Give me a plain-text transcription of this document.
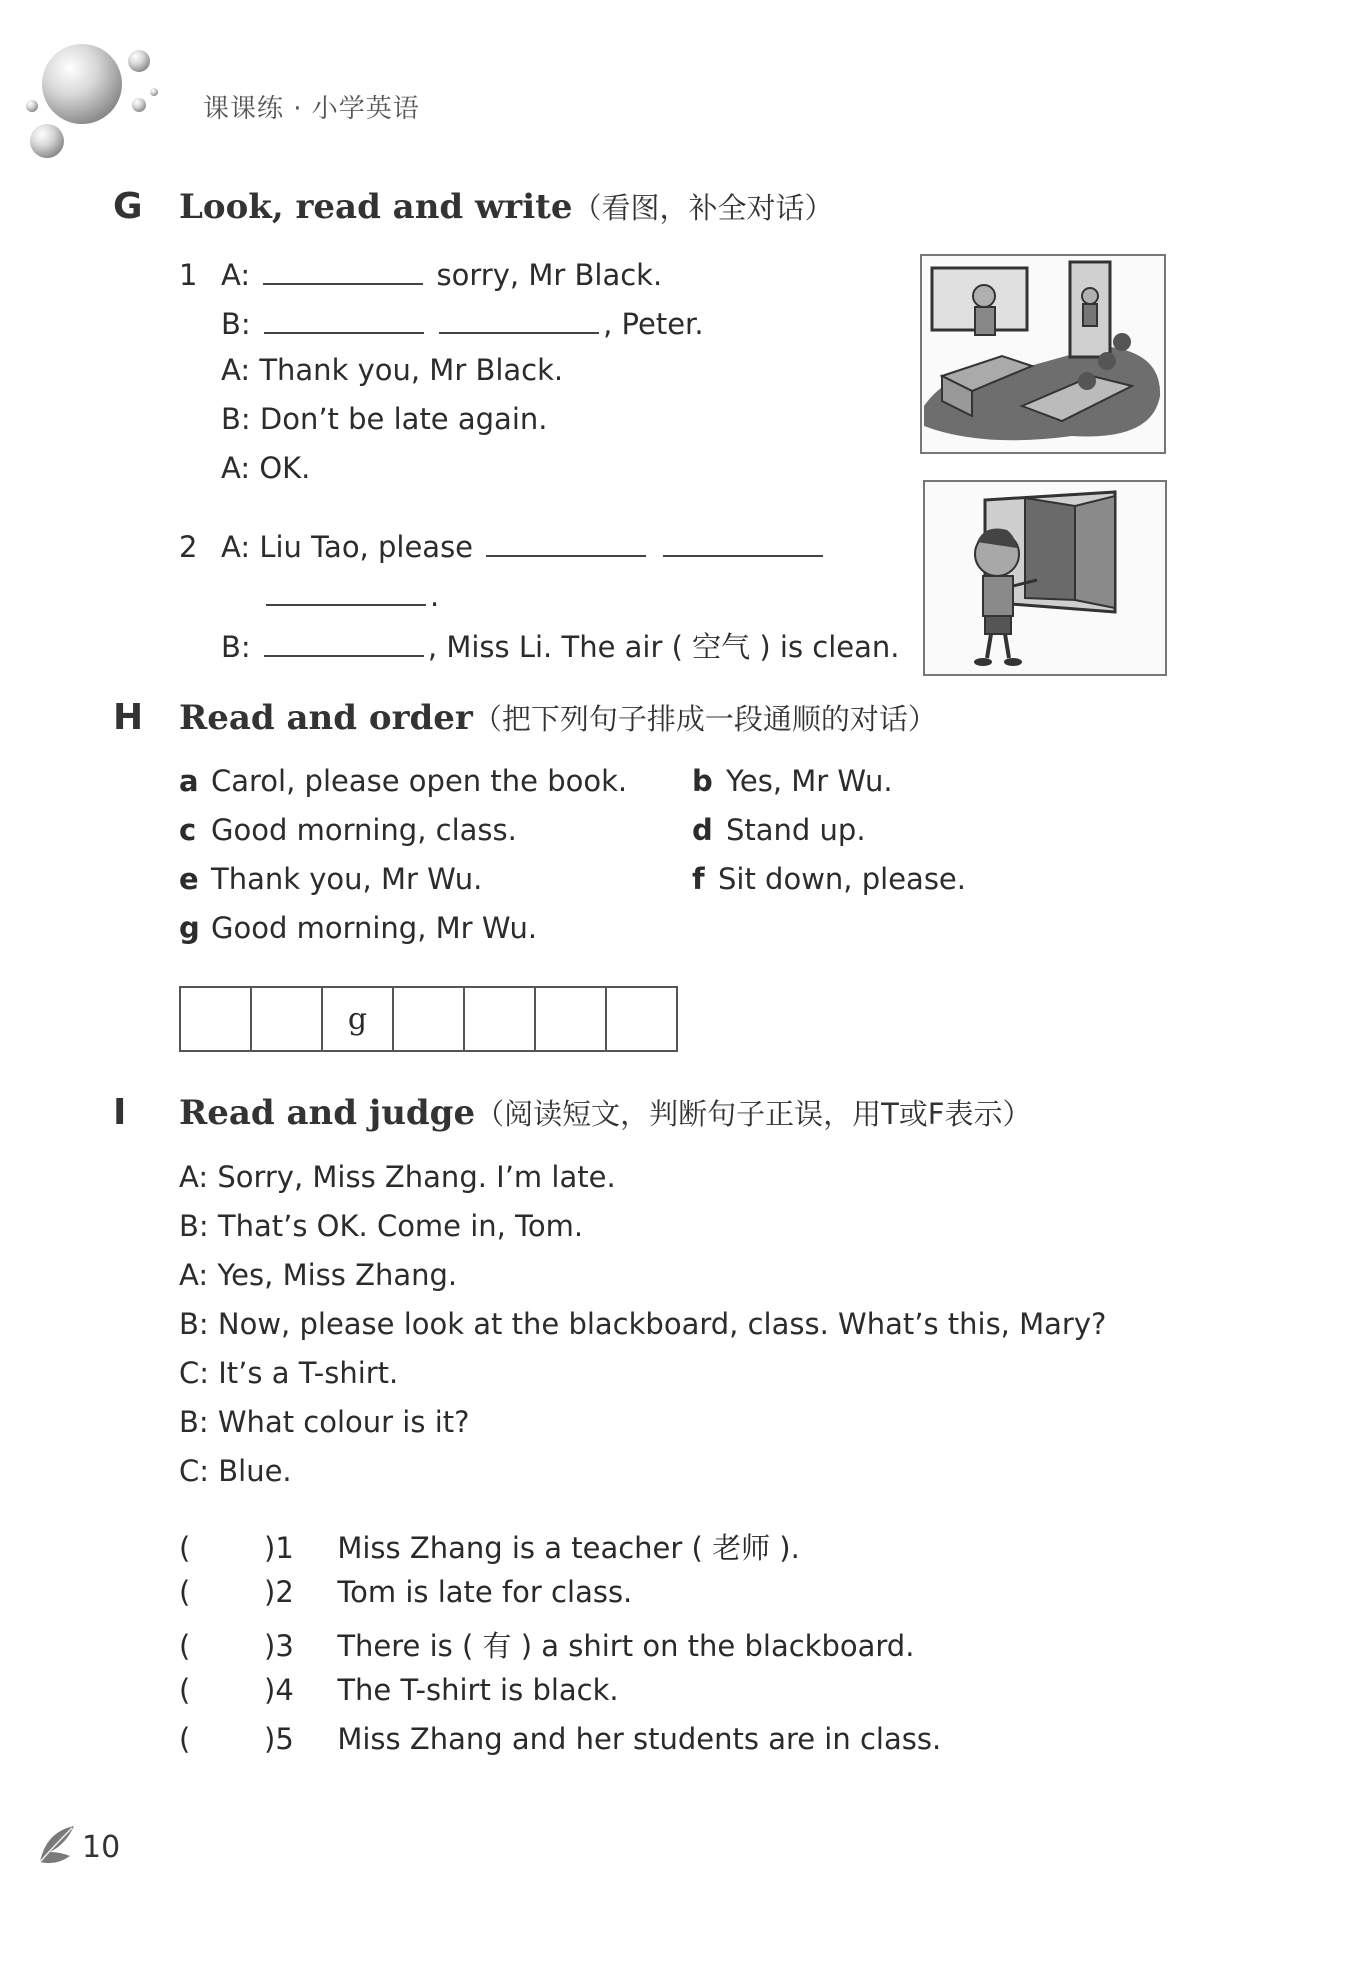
课课练 · 小学英语
G Look, read and write（看图，补全对话）
1 A:	sorry, Mr Black.
B:	, Peter.
A: Thank you, Mr Black.
B: Don’t be late again.
A: OK.
2 A: Liu Tao, please
.
B:	, Miss Li. The air ( 空气 ) is clean.
H Read and order（把下列句子排成一段通顺的对话）
a Carol, please open the book. b Yes, Mr Wu.
c Good morning, class.	d Stand up.
e Thank you, Mr Wu.	f Sit down, please.
g Good morning, Mr Wu.
g
I Read and judge（阅读短文，判断句子正误，用T或F表示）
A: Sorry, Miss Zhang. I’m late.
B: That’s OK. Come in, Tom.
A: Yes, Miss Zhang.
B: Now, please look at the blackboard, class. What’s this, Mary?
C: It’s a T-shirt.
B: What colour is it?
C: Blue.
(	)1 Miss Zhang is a teacher ( 老师 ).
(	)2 Tom is late for class.
(	)3 There is ( 有 ) a shirt on the blackboard.
(	)4 The T-shirt is black.
(	)5 Miss Zhang and her students are in class.
10
